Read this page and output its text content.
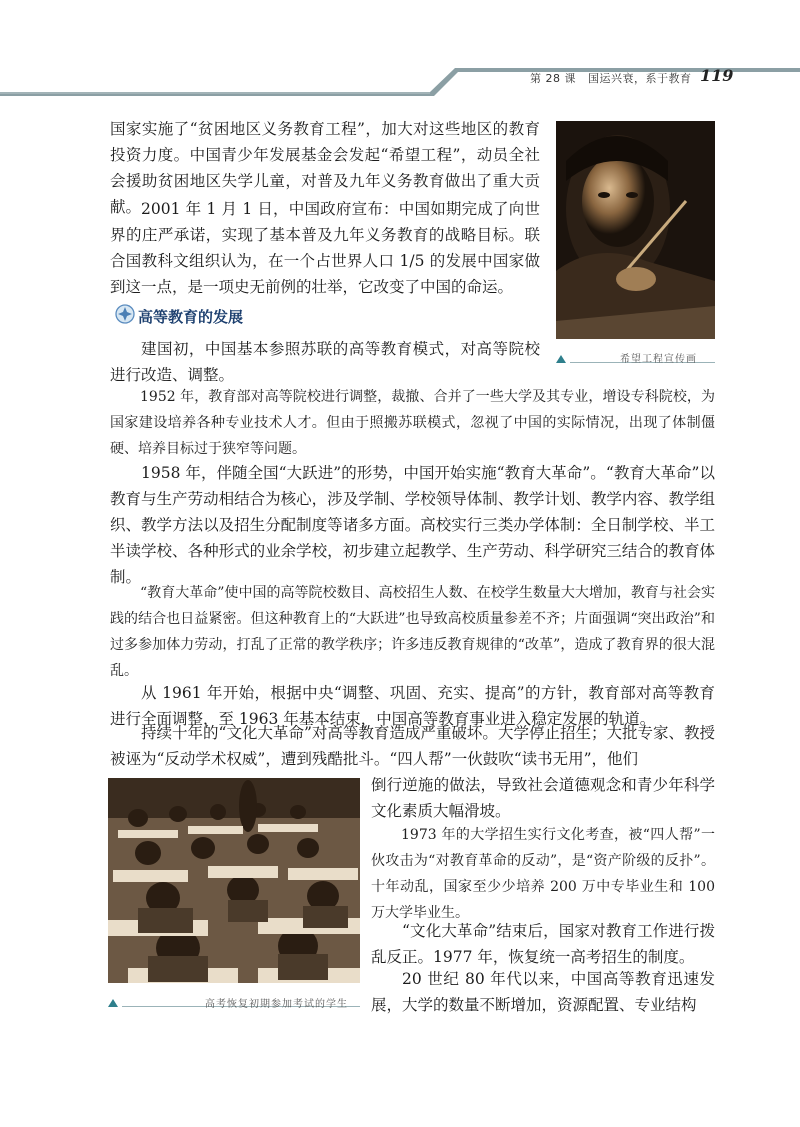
第 28 课 国运兴衰，系于教育 119

国家实施了“贫困地区义务教育工程”，加大对这些地区的教育投资力度。中国青少年发展基金会发起“希望工程”，动员全社会援助贫困地区失学儿童，对普及九年义务教育做出了重大贡献。 2001 年 1 月 1 日，中国政府宣布：中国如期完成了向世界的庄严承诺，实现了基本普及九年义务教育的战略目标。联合国教科文组织认为，在一个占世界人口 1/5 的发展中国家做到这一点，是一项史无前例的壮举，它改变了中国的命运。

希望工程宣传画
高等教育的发展

建国初，中国基本参照苏联的高等教育模式，对高等院校进行改造、调整。

1952 年，教育部对高等院校进行调整，裁撤、合并了一些大学及其专业，增设专科院校，为国家建设培养各种专业技术人才。但由于照搬苏联模式，忽视了中国的实际情况，出现了体制僵硬、培养目标过于狭窄等问题。

1958 年，伴随全国“大跃进”的形势，中国开始实施“教育大革命”。“教育大革命”以教育与生产劳动相结合为核心，涉及学制、学校领导体制、教学计划、教学内容、教学组织、教学方法以及招生分配制度等诸多方面。高校实行三类办学体制：全日制学校、半工半读学校、各种形式的业余学校，初步建立起教学、生产劳动、科学研究三结合的教育体制。

“教育大革命”使中国的高等院校数目、高校招生人数、在校学生数量大大增加，教育与社会实践的结合也日益紧密。但这种教育上的“大跃进”也导致高校质量参差不齐；片面强调“突出政治”和过多参加体力劳动，打乱了正常的教学秩序；许多违反教育规律的“改革”，造成了教育界的很大混乱。

从 1961 年开始，根据中央“调整、巩固、充实、提高”的方针，教育部对高等教育进行全面调整，至 1963 年基本结束，中国高等教育事业进入稳定发展的轨道。

持续十年的“文化大革命”对高等教育造成严重破坏。大学停止招生；大批专家、教授被诬为“反动学术权威”，遭到残酷批斗。“四人帮”一伙鼓吹“读书无用”，他们

倒行逆施的做法，导致社会道德观念和青少年科学文化素质大幅滑坡。

高考恢复初期参加考试的学生

1973 年的大学招生实行文化考查，被“四人帮”一伙攻击为“对教育革命的反动”，是“资产阶级的反扑”。十年动乱，国家至少少培养 200 万中专毕业生和 100 万大学毕业生。

“文化大革命”结束后，国家对教育工作进行拨乱反正。1977 年，恢复统一高考招生的制度。

20 世纪 80 年代以来，中国高等教育迅速发展，大学的数量不断增加，资源配置、专业结构
